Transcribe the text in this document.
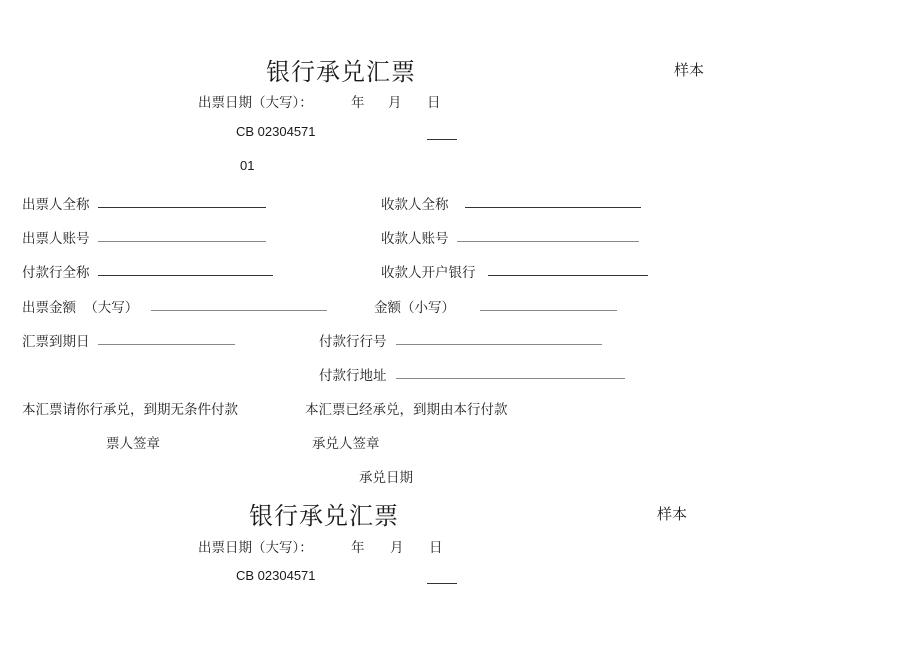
银行承兑汇票	样本
出票日期（大写）：	年 月 日
CB 02304571
01
出票人全称	收款人全称
出票人账号	收款人账号
付款行全称	收款人开户银行
出票金额 （大写）	金额（小写）
汇票到期日	付款行行号
付款行地址
本汇票请你行承兑，到期无条件付款	本汇票已经承兑，到期由本行付款
票人签章	承兑人签章
承兑日期
银行承兑汇票	样本
出票日期（大写）：	年 月 日
CB 02304571
